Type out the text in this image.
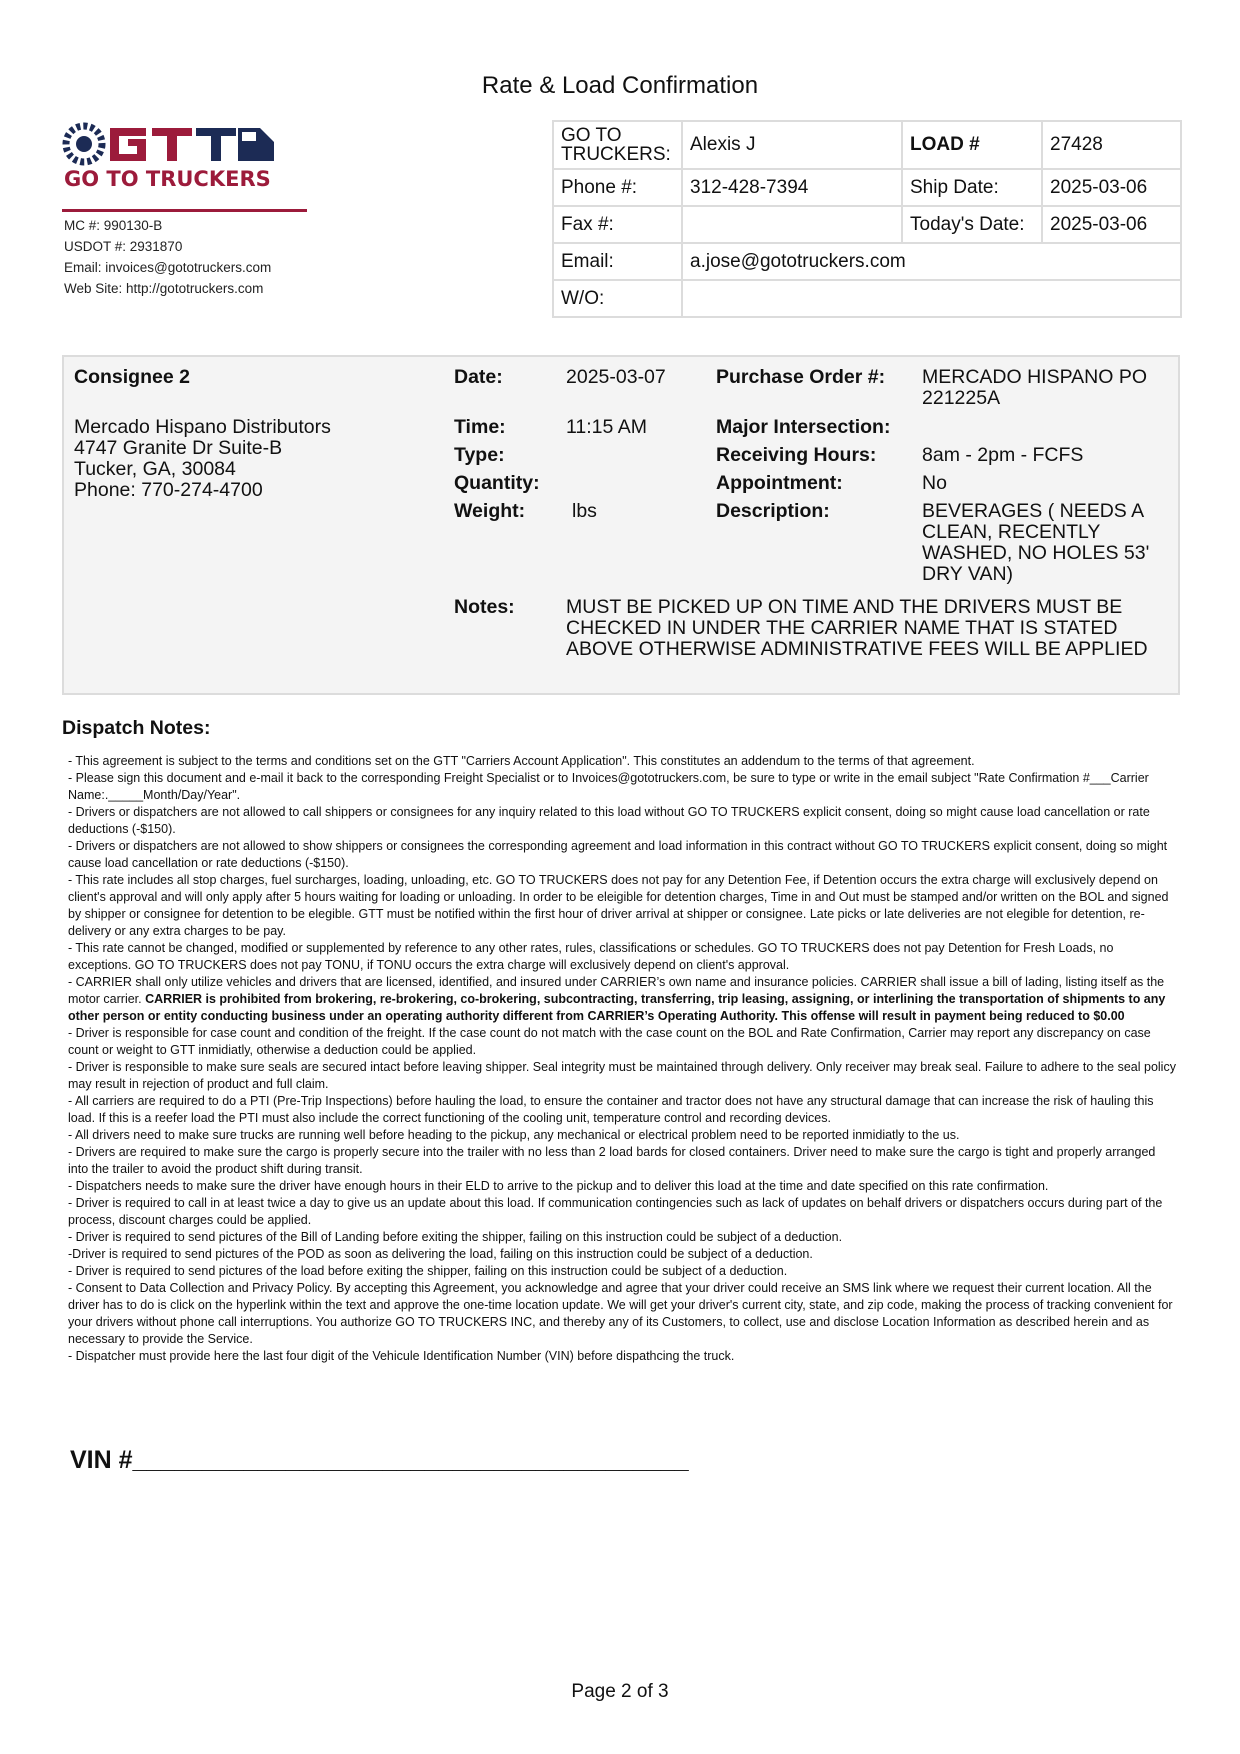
Rate & Load Confirmation
GO TO TRUCKERS
MC #: 990130-B
USDOT #: 2931870
Email: invoices@gototruckers.com
Web Site: http://gototruckers.com
GO TO TRUCKERS:	Alexis J	LOAD #	27428
Phone #:	312-428-7394	Ship Date:	2025-03-06
Fax #:		Today's Date:	2025-03-06
Email:	a.jose@gototruckers.com		
W/O:			
Consignee 2
Mercado Hispano Distributors
4747 Granite Dr Suite-B
Tucker, GA, 30084
Phone: 770-274-4700
Date:	2025-03-07
Time:	11:15 AM
Type:
Quantity:
Weight: lbs
Purchase Order #: MERCADO HISPANO PO 221225A
Major Intersection:
Receiving Hours: 8am - 2pm - FCFS
Appointment:	No
Description:	BEVERAGES ( NEEDS A CLEAN, RECENTLY WASHED, NO HOLES 53' DRY VAN)
Notes:	MUST BE PICKED UP ON TIME AND THE DRIVERS MUST BE CHECKED IN UNDER THE CARRIER NAME THAT IS STATED ABOVE OTHERWISE ADMINISTRATIVE FEES WILL BE APPLIED
Dispatch Notes:

- This agreement is subject to the terms and conditions set on the GTT "Carriers Account Application". This constitutes an addendum to the terms of that agreement.

- Please sign this document and e-mail it back to the corresponding Freight Specialist or to Invoices@gototruckers.com, be sure to type or write in the email subject "Rate Confirmation #___Carrier Name:._____Month/Day/Year".

- Drivers or dispatchers are not allowed to call shippers or consignees for any inquiry related to this load without GO TO TRUCKERS explicit consent, doing so might cause load cancellation or rate deductions (-$150).

- Drivers or dispatchers are not allowed to show shippers or consignees the corresponding agreement and load information in this contract without GO TO TRUCKERS explicit consent, doing so might cause load cancellation or rate deductions (-$150).

- This rate includes all stop charges, fuel surcharges, loading, unloading, etc. GO TO TRUCKERS does not pay for any Detention Fee, if Detention occurs the extra charge will exclusively depend on client's approval and will only apply after 5 hours waiting for loading or unloading. In order to be eleigible for detention charges, Time in and Out must be stamped and/or written on the BOL and signed by shipper or consignee for detention to be elegible. GTT must be notified within the first hour of driver arrival at shipper or consignee. Late picks or late deliveries are not elegible for detention, re-delivery or any extra charges to be pay.

- This rate cannot be changed, modified or supplemented by reference to any other rates, rules, classifications or schedules. GO TO TRUCKERS does not pay Detention for Fresh Loads, no exceptions. GO TO TRUCKERS does not pay TONU, if TONU occurs the extra charge will exclusively depend on client's approval.

- CARRIER shall only utilize vehicles and drivers that are licensed, identified, and insured under CARRIER’s own name and insurance policies. CARRIER shall issue a bill of lading, listing itself as the motor carrier. CARRIER is prohibited from brokering, re-brokering, co-brokering, subcontracting, transferring, trip leasing, assigning, or interlining the transportation of shipments to any other person or entity conducting business under an operating authority different from CARRIER’s Operating Authority. This offense will result in payment being reduced to $0.00

- Driver is responsible for case count and condition of the freight. If the case count do not match with the case count on the BOL and Rate Confirmation, Carrier may report any discrepancy on case count or weight to GTT inmidiatly, otherwise a deduction could be applied.

- Driver is responsible to make sure seals are secured intact before leaving shipper. Seal integrity must be maintained through delivery. Only receiver may break seal. Failure to adhere to the seal policy may result in rejection of product and full claim.

- All carriers are required to do a PTI (Pre-Trip Inspections) before hauling the load, to ensure the container and tractor does not have any structural damage that can increase the risk of hauling this load. If this is a reefer load the PTI must also include the correct functioning of the cooling unit, temperature control and recording devices.

- All drivers need to make sure trucks are running well before heading to the pickup, any mechanical or electrical problem need to be reported inmidiatly to the us.

- Drivers are required to make sure the cargo is properly secure into the trailer with no less than 2 load bards for closed containers. Driver need to make sure the cargo is tight and properly arranged into the trailer to avoid the product shift during transit.

- Dispatchers needs to make sure the driver have enough hours in their ELD to arrive to the pickup and to deliver this load at the time and date specified on this rate confirmation.

- Driver is required to call in at least twice a day to give us an update about this load. If communication contingencies such as lack of updates on behalf drivers or dispatchers occurs during part of the process, discount charges could be applied.

- Driver is required to send pictures of the Bill of Landing before exiting the shipper, failing on this instruction could be subject of a deduction.

-Driver is required to send pictures of the POD as soon as delivering the load, failing on this instruction could be subject of a deduction.

- Driver is required to send pictures of the load before exiting the shipper, failing on this instruction could be subject of a deduction.

- Consent to Data Collection and Privacy Policy. By accepting this Agreement, you acknowledge and agree that your driver could receive an SMS link where we request their current location. All the driver has to do is click on the hyperlink within the text and approve the one-time location update. We will get your driver's current city, state, and zip code, making the process of tracking convenient for your drivers without phone call interruptions. You authorize GO TO TRUCKERS INC, and thereby any of its Customers, to collect, use and disclose Location Information as described herein and as necessary to provide the Service.

- Dispatcher must provide here the last four digit of the Vehicule Identification Number (VIN) before dispathcing the truck.

VIN #________________________________________
Page 2 of 3
